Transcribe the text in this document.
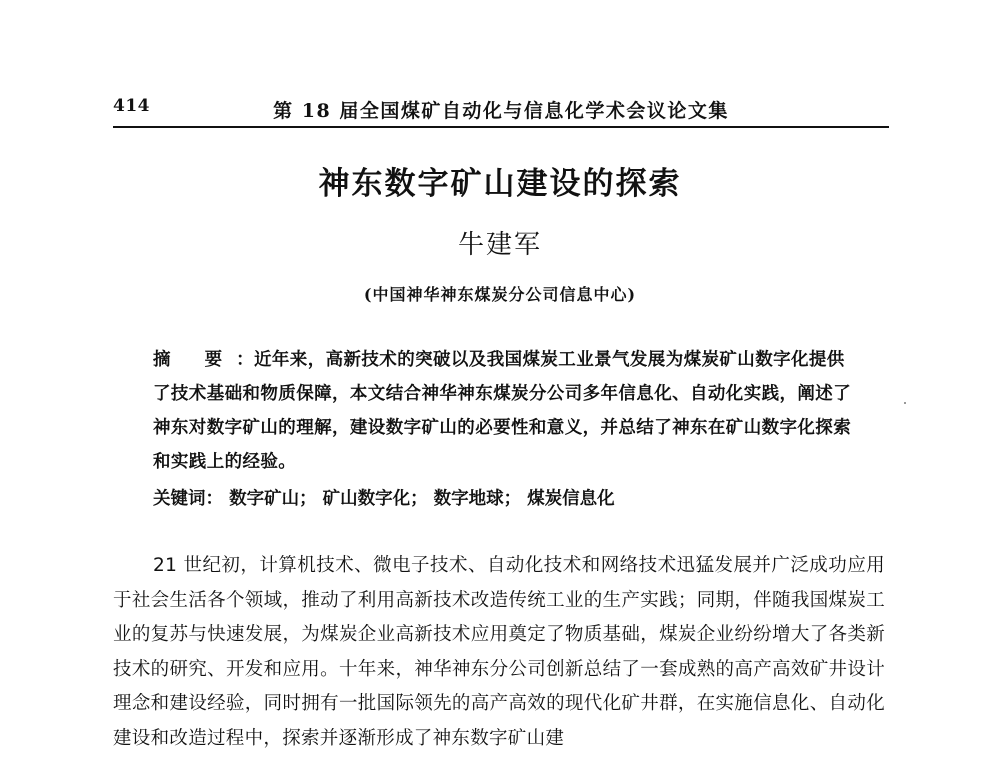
414	第 18 届全国煤矿自动化与信息化学术会议论文集
神东数字矿山建设的探索
牛建军
(中国神华神东煤炭分公司信息中心)
摘 要：近年来，高新技术的突破以及我国煤炭工业景气发展为煤炭矿山数字化提供了技术基础和物质保障，本文结合神华神东煤炭分公司多年信息化、自动化实践，阐述了神东对数字矿山的理解，建设数字矿山的必要性和意义，并总结了神东在矿山数字化探索和实践上的经验。
关键词： 数字矿山； 矿山数字化； 数字地球； 煤炭信息化

21 世纪初，计算机技术、微电子技术、自动化技术和网络技术迅猛发展并广泛成功应用于社会生活各个领域，推动了利用高新技术改造传统工业的生产实践；同期，伴随我国煤炭工业的复苏与快速发展，为煤炭企业高新技术应用奠定了物质基础，煤炭企业纷纷增大了各类新技术的研究、开发和应用。十年来，神华神东分公司创新总结了一套成熟的高产高效矿井设计理念和建设经验，同时拥有一批国际领先的高产高效的现代化矿井群，在实施信息化、自动化建设和改造过程中，探索并逐渐形成了神东数字矿山建
